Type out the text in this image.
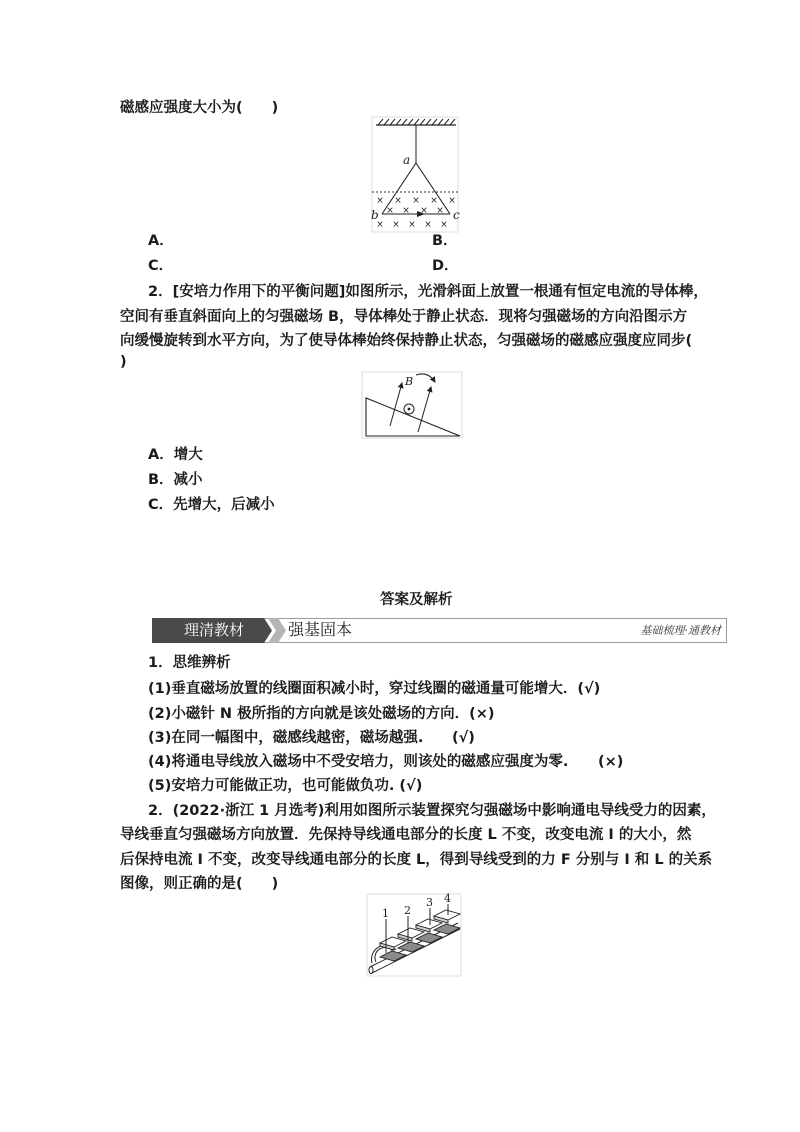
磁感应强度大小为(　　)
× × × × ×
× × × ×
× × × × ×
a
b	c
A．	B．
C．	D．
2．[安培力作用下的平衡问题]如图所示，光滑斜面上放置一根通有恒定电流的导体棒，
空间有垂直斜面向上的匀强磁场 B，导体棒处于静止状态．现将匀强磁场的方向沿图示方
向缓慢旋转到水平方向，为了使导体棒始终保持静止状态，匀强磁场的磁感应强度应同步(
)
B
A．增大
B．减小
C．先增大，后减小
答案及解析
理清教材	强基固本	基础梳理·通教材
1．思维辨析
(1)垂直磁场放置的线圈面积减小时，穿过线圈的磁通量可能增大．(√)
(2)小磁针 N 极所指的方向就是该处磁场的方向．(×)
(3)在同一幅图中，磁感线越密，磁场越强. (√)
(4)将通电导线放入磁场中不受安培力，则该处的磁感应强度为零. (×)
(5)安培力可能做正功，也可能做负功. (√)
2．(2022·浙江 1 月选考)利用如图所示装置探究匀强磁场中影响通电导线受力的因素，
导线垂直匀强磁场方向放置．先保持导线通电部分的长度 L 不变，改变电流 I 的大小，然
后保持电流 I 不变，改变导线通电部分的长度 L，得到导线受到的力 F 分别与 I 和 L 的关系
图像，则正确的是(　　)
1 2
3 4
